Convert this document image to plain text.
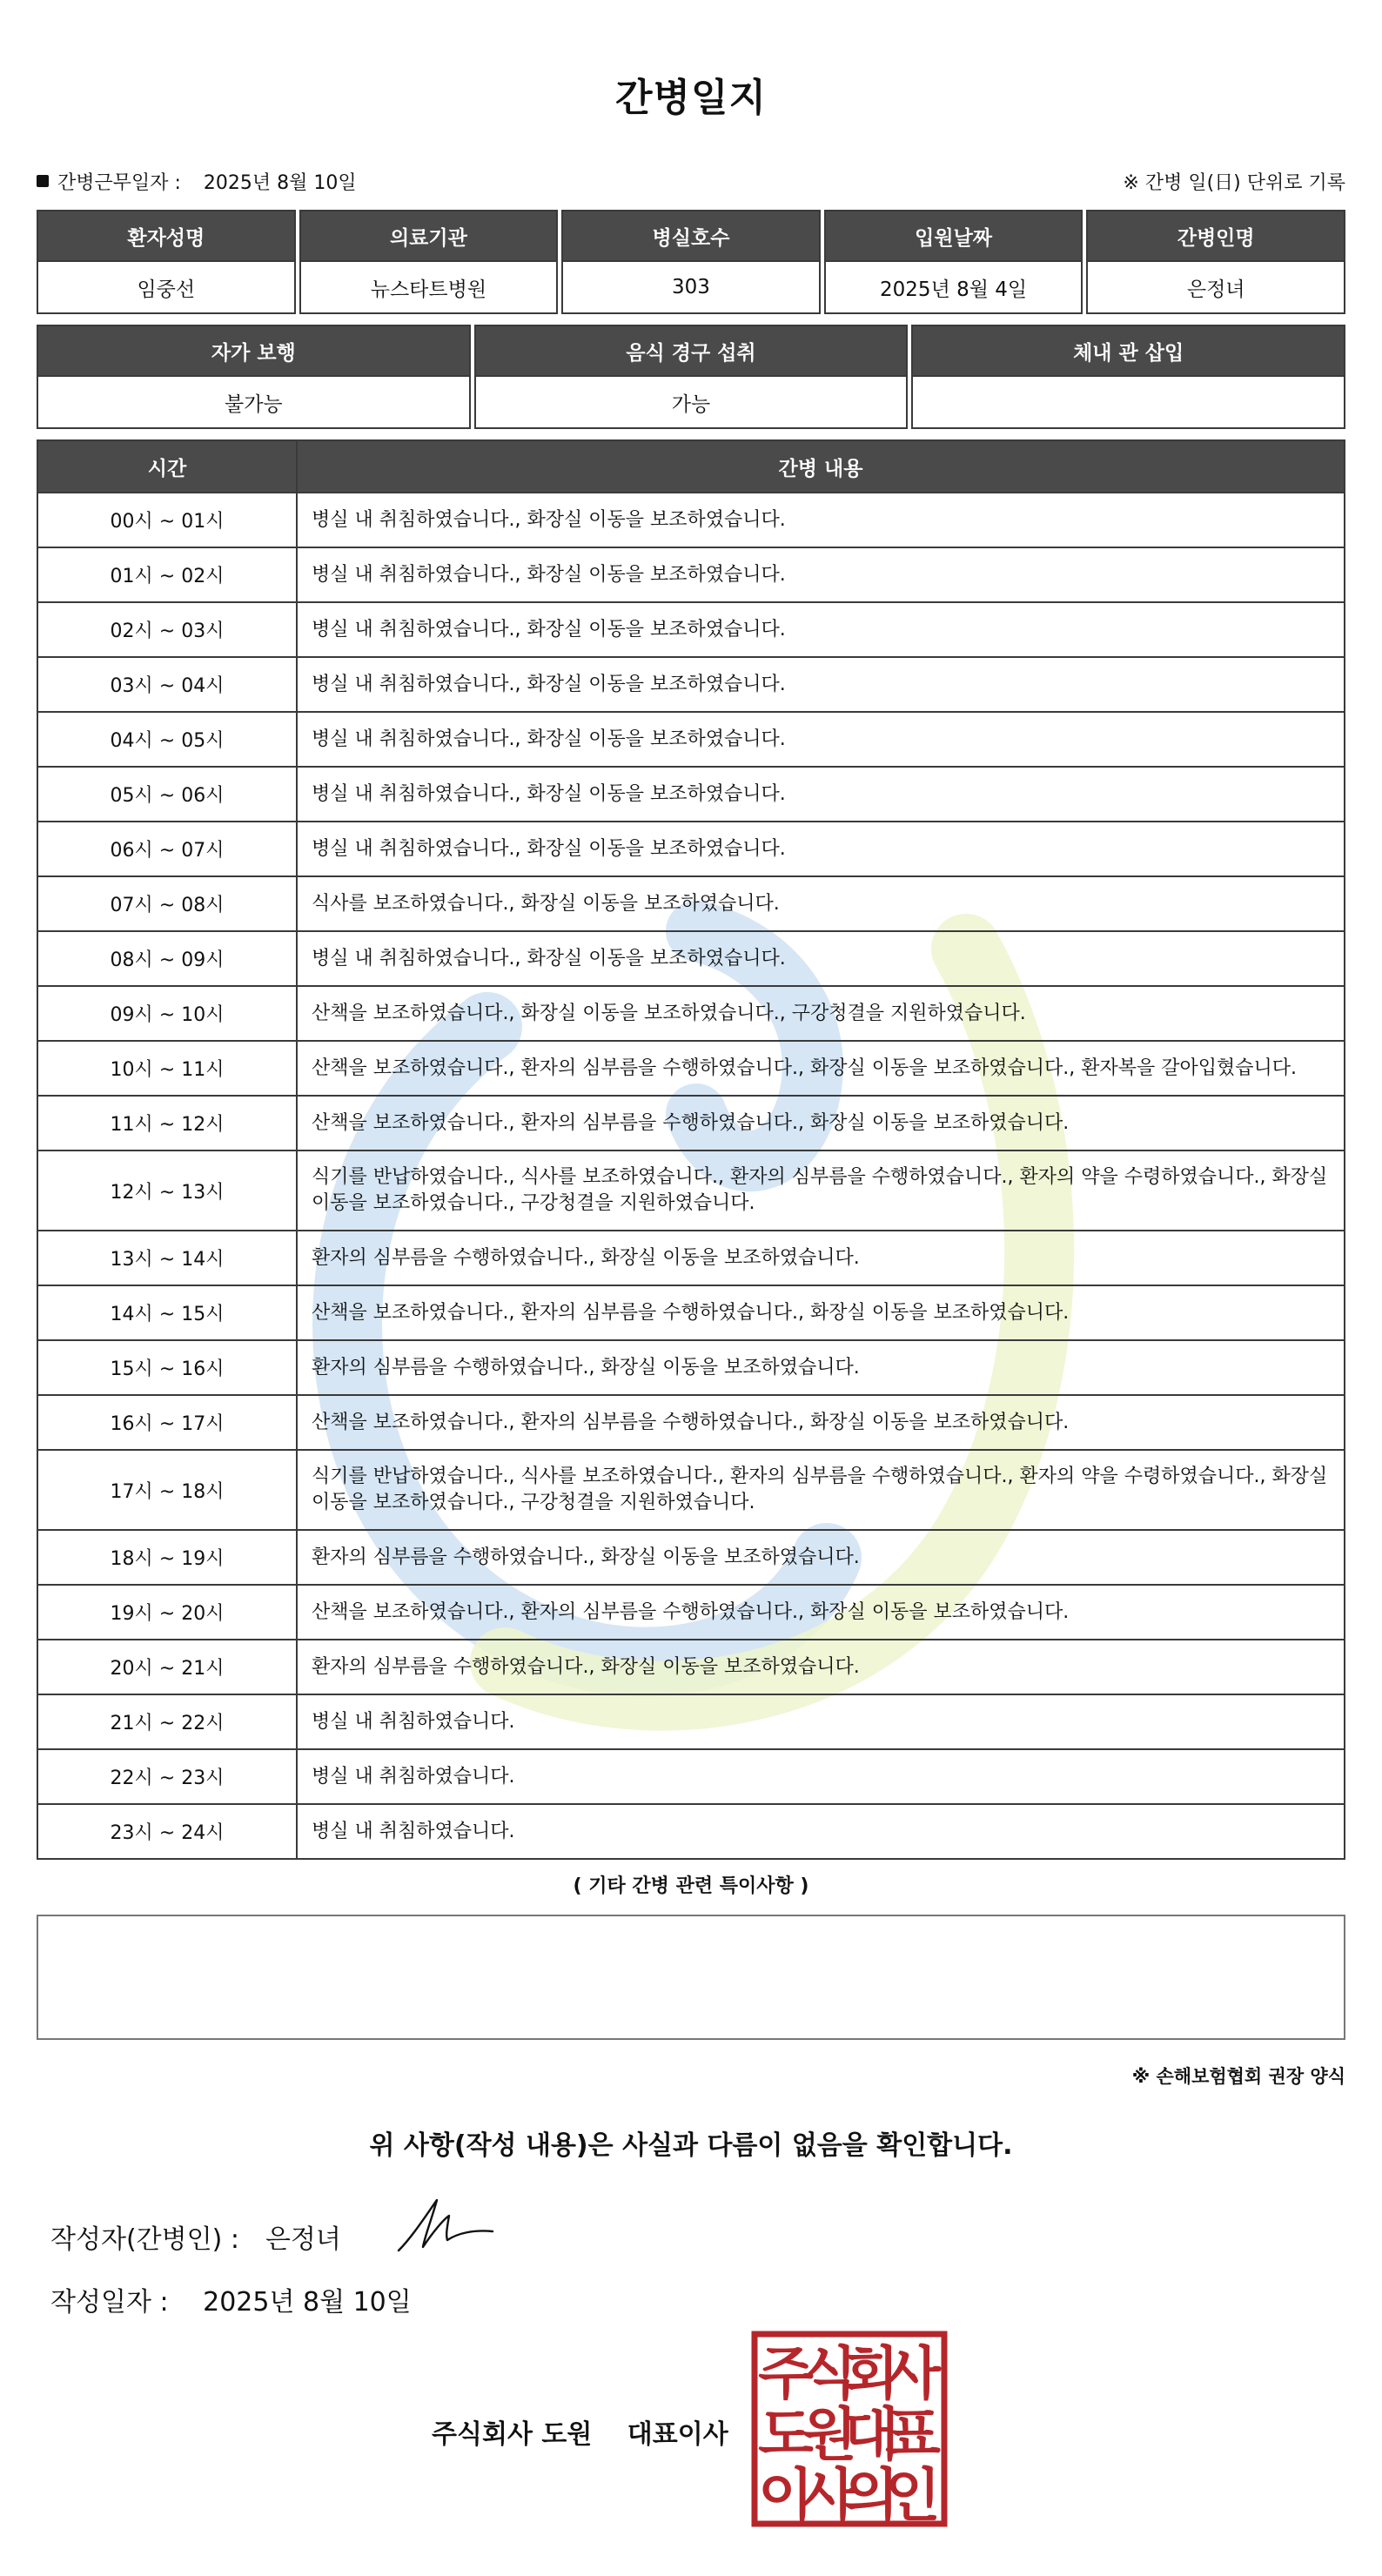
간병일지
간병근무일자 : 2025년 8월 10일	※ 간병 일(日) 단위로 기록
환자성명	의료기관	병실호수	입원날짜	간병인명
임중선	뉴스타트병원	303	2025년 8월 4일	은정녀
자가 보행	음식 경구 섭취	체내 관 삽입
불가능	가능	
시간	간병 내용
00시 ~ 01시	병실 내 취침하였습니다., 화장실 이동을 보조하였습니다.
01시 ~ 02시	병실 내 취침하였습니다., 화장실 이동을 보조하였습니다.
02시 ~ 03시	병실 내 취침하였습니다., 화장실 이동을 보조하였습니다.
03시 ~ 04시	병실 내 취침하였습니다., 화장실 이동을 보조하였습니다.
04시 ~ 05시	병실 내 취침하였습니다., 화장실 이동을 보조하였습니다.
05시 ~ 06시	병실 내 취침하였습니다., 화장실 이동을 보조하였습니다.
06시 ~ 07시	병실 내 취침하였습니다., 화장실 이동을 보조하였습니다.
07시 ~ 08시	식사를 보조하였습니다., 화장실 이동을 보조하였습니다.
08시 ~ 09시	병실 내 취침하였습니다., 화장실 이동을 보조하였습니다.
09시 ~ 10시	산책을 보조하였습니다., 화장실 이동을 보조하였습니다., 구강청결을 지원하였습니다.
10시 ~ 11시	산책을 보조하였습니다., 환자의 심부름을 수행하였습니다., 화장실 이동을 보조하였습니다., 환자복을 갈아입혔습니다.
11시 ~ 12시	산책을 보조하였습니다., 환자의 심부름을 수행하였습니다., 화장실 이동을 보조하였습니다.
12시 ~ 13시	식기를 반납하였습니다., 식사를 보조하였습니다., 환자의 심부름을 수행하였습니다., 환자의 약을 수령하였습니다., 화장실 이동을 보조하였습니다., 구강청결을 지원하였습니다.
13시 ~ 14시	환자의 심부름을 수행하였습니다., 화장실 이동을 보조하였습니다.
14시 ~ 15시	산책을 보조하였습니다., 환자의 심부름을 수행하였습니다., 화장실 이동을 보조하였습니다.
15시 ~ 16시	환자의 심부름을 수행하였습니다., 화장실 이동을 보조하였습니다.
16시 ~ 17시	산책을 보조하였습니다., 환자의 심부름을 수행하였습니다., 화장실 이동을 보조하였습니다.
17시 ~ 18시	식기를 반납하였습니다., 식사를 보조하였습니다., 환자의 심부름을 수행하였습니다., 환자의 약을 수령하였습니다., 화장실 이동을 보조하였습니다., 구강청결을 지원하였습니다.
18시 ~ 19시	환자의 심부름을 수행하였습니다., 화장실 이동을 보조하였습니다.
19시 ~ 20시	산책을 보조하였습니다., 환자의 심부름을 수행하였습니다., 화장실 이동을 보조하였습니다.
20시 ~ 21시	환자의 심부름을 수행하였습니다., 화장실 이동을 보조하였습니다.
21시 ~ 22시	병실 내 취침하였습니다.
22시 ~ 23시	병실 내 취침하였습니다.
23시 ~ 24시	병실 내 취침하였습니다.
( 기타 간병 관련 특이사항 )
※ 손해보험협회 권장 양식
위 사항(작성 내용)은 사실과 다름이 없음을 확인합니다.
작성자(간병인) : 은정녀
작성일자 : 2025년 8월 10일
주식회사 도원 대표이사
주
식
회
사
도
원
대
표
이
사
의
인
